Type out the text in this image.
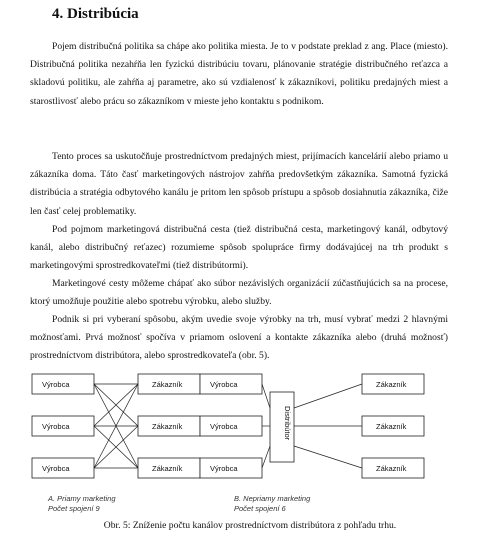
4. Distribúcia

Pojem distribučná politika sa chápe ako politika miesta. Je to v podstate preklad z ang. Place (miesto). Distribučná politika nezahŕňa len fyzickú distribúciu tovaru, plánovanie stratégie distribučného reťazca a skladovú politiku, ale zahŕňa aj parametre, ako sú vzdialenosť k zákazníkovi, politiku predajných miest a starostlivosť alebo prácu so zákazníkom v mieste jeho kontaktu s podnikom.

Tento proces sa uskutočňuje prostredníctvom predajných miest, prijímacích kancelárií alebo priamo u zákazníka doma. Táto časť marketingových nástrojov zahŕňa predovšetkým zákazníka. Samotná fyzická distribúcia a stratégia odbytového kanálu je pritom len spôsob prístupu a spôsob dosiahnutia zákazníka, čiže len časť celej problematiky.

Pod pojmom marketingová distribučná cesta (tiež distribučná cesta, marketingový kanál, odbytový kanál, alebo distribučný reťazec) rozumieme spôsob spolupráce firmy dodávajúcej na trh produkt s marketingovými sprostredkovateľmi (tiež distribútormi).

Marketingové cesty môžeme chápať ako súbor nezávislých organizácií zúčastňujúcich sa na procese, ktorý umožňuje použitie alebo spotrebu výrobku, alebo služby.

Podnik si pri vyberaní spôsobu, akým uvedie svoje výrobky na trh, musí vybrať medzi 2 hlavnými možnosťami. Prvá možnosť spočíva v priamom oslovení a kontakte zákazníka alebo (druhá možnosť) prostredníctvom distribútora, alebo sprostredkovateľa (obr. 5).

Výrobca
Výrobca
Výrobca
Zákazník
Zákazník
Zákazník
A. Priamy marketing
Počet spojení 9
Výrobca
Výrobca
Výrobca
Distribútor
Zákazník
Zákazník
Zákazník
B. Nepriamy marketing
Počet spojení 6
Obr. 5: Zníženie počtu kanálov prostredníctvom distribútora z pohľadu trhu.
